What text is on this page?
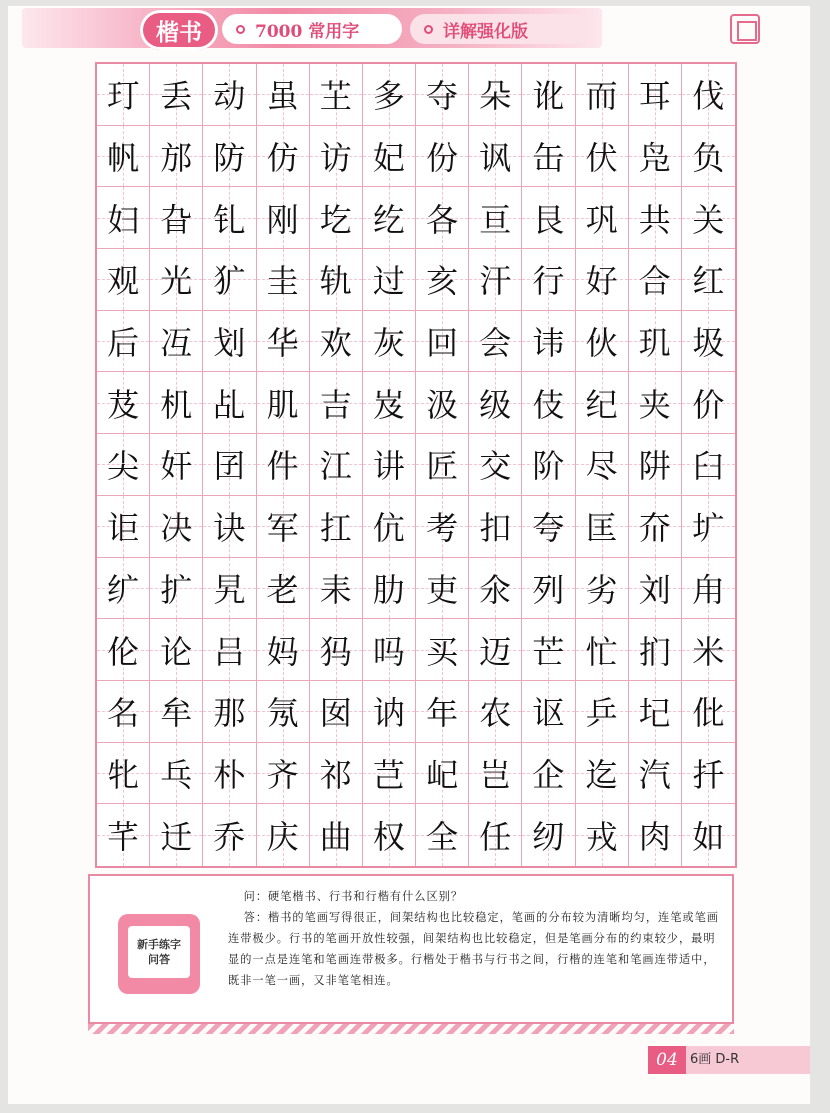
楷书	7000 常用字	详解强化版
玎 丢 动 虽 芏 多 夺 朵 讹 而 耳 伐
帆 邡 防 仿 访 妃 份 讽 缶 伏 凫 负
妇 旮 钆 刚 圪 纥 各 亘 艮 巩 共 关
观 光 犷 圭 轨 过 亥 汗 行 好 合 红
后 冱 划 华 欢 灰 回 会 讳 伙 玑 圾
芨 机 乩 肌 吉 岌 汲 级 伎 纪 夹 价
尖 奸 囝 件 江 讲 匠 交 阶 尽 阱 臼
讵 决 诀 军 扛 伉 考 扣 夸 匡 夼 圹
纩 扩 旯 老 耒 肋 吏 氽 列 劣 刘 甪
伦 论 吕 妈 犸 吗 买 迈 芒 忙 扪 米
名 牟 那 氖 囡 讷 年 农 讴 乒 圮 仳
牝 乓 朴 齐 祁 芑 屺 岂 企 迄 汽 扦
芊 迁 乔 庆 曲 权 全 任 纫 戎 肉 如
新手练字
问答

问：硬笔楷书、行书和行楷有什么区别？

答：楷书的笔画写得很正，间架结构也比较稳定，笔画的分布较为清晰均匀，连笔或笔画连带极少。行书的笔画开放性较强，间架结构也比较稳定，但是笔画分布的约束较少，最明显的一点是连笔和笔画连带极多。行楷处于楷书与行书之间，行楷的连笔和笔画连带适中，既非一笔一画，又非笔笔相连。

04 6画 D-R
